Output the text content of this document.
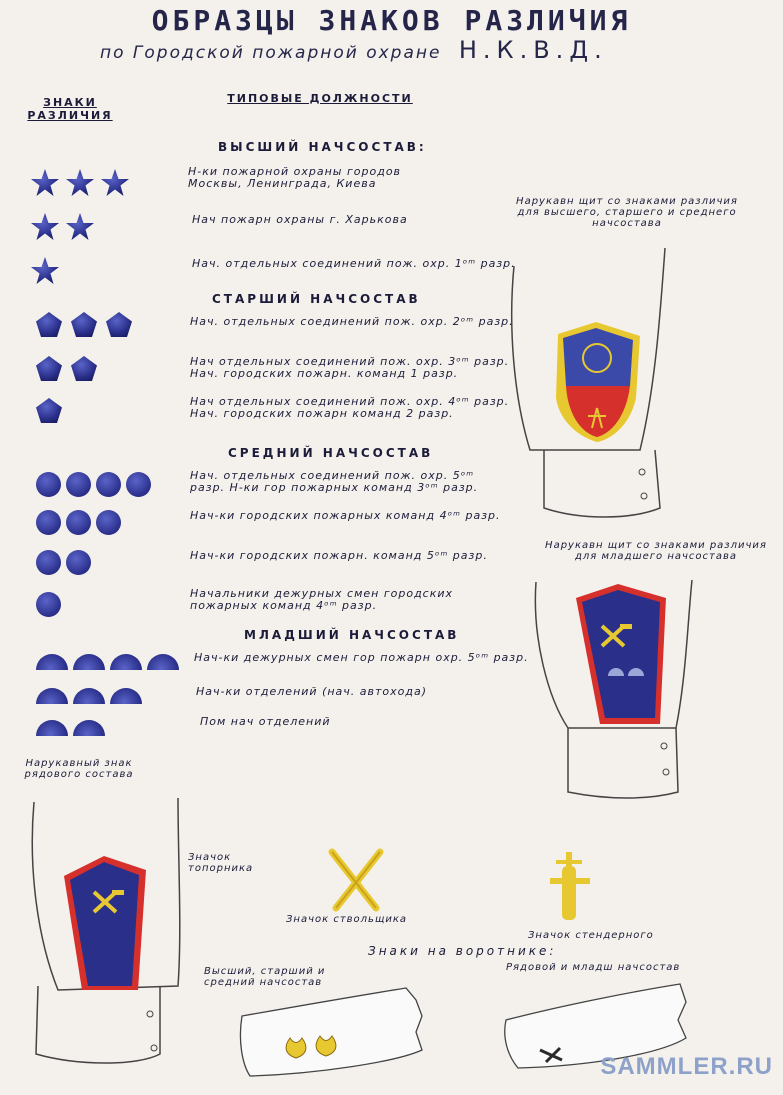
ОБРАЗЦЫ ЗНАКОВ РАЗЛИЧИЯ
по Городской пожарной охране Н.К.В.Д.
ЗНАКИ РАЗЛИЧИЯ
ТИПОВЫЕ ДОЛЖНОСТИ
ВЫСШИЙ НАЧСОСТАВ:
Н-ки пожарной охраны городов Москвы, Ленинграда, Киева
Нач пожарн охраны г. Харькова
Нач. отдельных соединений пож. охр. 1ᵒᵐ разр.
СТАРШИЙ НАЧСОСТАВ
Нач. отдельных соединений пож. охр. 2ᵒᵐ разр.
Нач отдельных соединений пож. охр. 3ᵒᵐ разр. Нач. городских пожарн. команд 1 разр.
Нач отдельных соединений пож. охр. 4ᵒᵐ разр. Нач. городских пожарн команд 2 разр.
СРЕДНИЙ НАЧСОСТАВ
Нач. отдельных соединений пож. охр. 5ᵒᵐ разр. Н-ки гор пожарных команд 3ᵒᵐ разр.
Нач-ки городских пожарных команд 4ᵒᵐ разр.
Нач-ки городских пожарн. команд 5ᵒᵐ разр.
Начальники дежурных смен городских пожарных команд 4ᵒᵐ разр.
МЛАДШИЙ НАЧСОСТАВ
Нач-ки дежурных смен гор пожарн охр. 5ᵒᵐ разр.
Нач-ки отделений (нач. автохода)
Пом нач отделений
Нарукавн щит со знаками различия для высшего, старшего и среднего начсостава
Нарукавн щит со знаками различия для младшего начсостава
Нарукавный знак рядового состава
Значок топорника
Значок ствольщика
Значок стендерного
Знаки на воротнике:
Высший, старший и средний начсостав
Рядовой и младш начсостав
SAMMLER.RU
